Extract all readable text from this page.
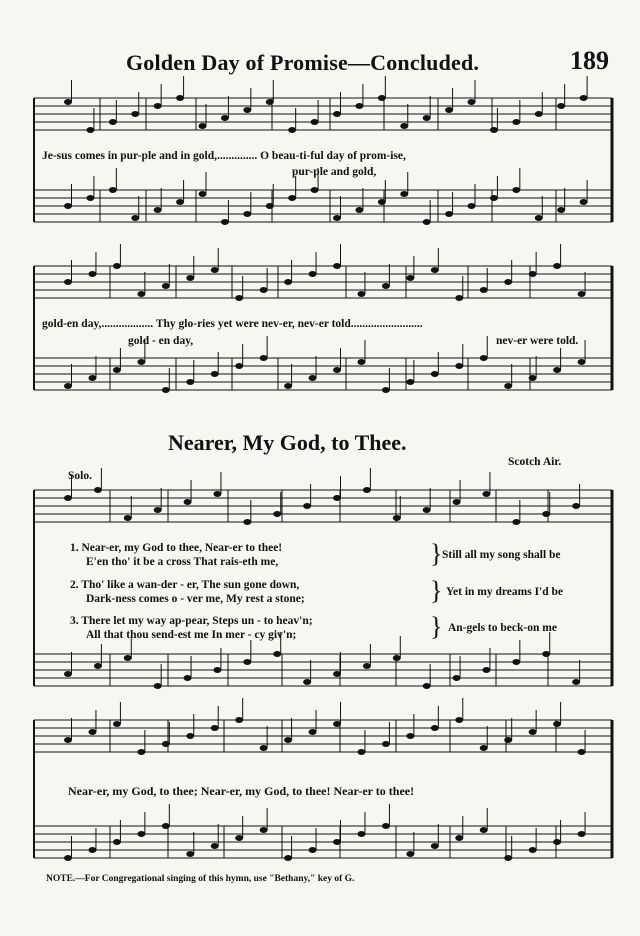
Golden Day of Promise—Concluded.	189
Je-sus comes in pur-ple and in gold,.............. O beau-ti-ful day of prom-ise,
pur-ple and gold,
gold-en day,.................. Thy glo-ries yet were nev-er, nev-er told.........................
gold - en day,	nev-er were told.
Nearer, My God, to Thee.
Scotch Air.
Solo.
1. Near-er, my God to thee, Near-er to thee!
E'en tho' it be a cross That rais-eth me,	} Still all my song shall be
2. Tho' like a wan-der - er, The sun gone down,
Dark-ness comes o - ver me, My rest a stone;	} Yet in my dreams I'd be
3. There let my way ap-pear, Steps un - to heav'n;
All that thou send-est me In mer - cy giv'n;	} An-gels to beck-on me
Near-er, my God, to thee; Near-er, my God, to thee! Near-er to thee!
NOTE.—For Congregational singing of this hymn, use "Bethany," key of G.
